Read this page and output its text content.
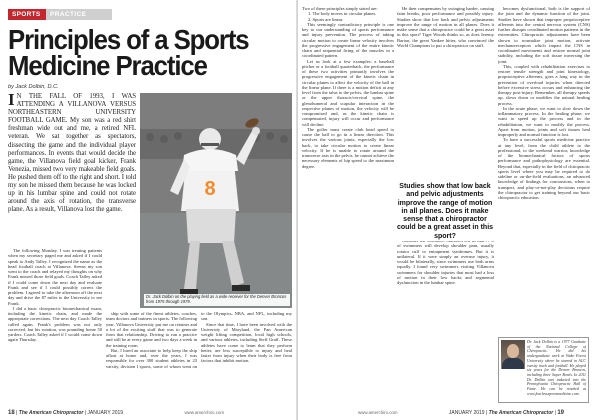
SPORTS	PRACTICE
Principles of a Sports Medicine Practice
by Jack Dolbin, D.C.
I N THE FALL OF 1993, I WAS ATTENDING A VILLANOVA VERSUS NORTHEASTERN UNIVERSITY FOOTBALL GAME. My son was a red shirt freshman wide out and me, a retired NFL veteran. We sat together as spectators, dissecting the game and the individual player performances. In events that would decide the game, the Villanova field goal kicker, Frank Venezia, missed two very makeable field goals. He pushed them off to the right and short. I told my son he missed them because he was locked up in his lumbar spine and could not rotate around the axis of rotation, the transverse plane. As a result, Villanova lost the game.
8
Dr. Jack Dolbin on the playing field as a wide receiver for the Denver Broncos from 1975 through 1979.

The following Monday, I was treating patients when my secretary paged me and asked if I could speak to Andy Talley. I recognized the name as the head football coach at Villanova. Seems my son went to the coach and relayed my thoughts on why Frank missed those field goals. Coach Talley asked if I could come down the next day and evaluate Frank and see if I could possibly correct the problem. I agreed to take the afternoon off the next day and drive the 87 miles to the University to see Frank.

I did a basic chiropractic biomechanical exam, including the kinetic chain, and made the appropriate corrections. The next day Coach Talley called again. Frank's problem was not only corrected, but his rotation, was pounding home 50 yarders. Coach Talley asked if I would come down again Thursday.

ship with some of the finest athletes, coaches, team doctors and trainers in sports. The following year, Villanova University put me on retainer and a lot of the exciting stuff that was to generate from that relationship. Driving to run a practice and still be at every game and two days a week in the training room.

But, I hired an associate to help keep the ship afloat at home and, over the years, I was responsible for over 300 student athletes in 23 varsity, division I sports, some of whom went on to the Olympics, NBA, and NFL, including my son.

Since that time, I have been involved with the University of Maryland, the Pan American weight lifting competition, local high schools, and various athletes, including Steff Graff. These athletes have come to learn that they perform better, are less susceptible to injury and heal faster from injury when their body is free from factors that inhibit motion.

18 | The American Chiropractor | JANUARY 2019	www.amerchiro.com

Two of these principles simply stated are:

1. The body moves in circular planes.
2. Sports are linear.

This seemingly contradictory principle is one key to our understanding of sports performance and injury prevention. The process of taking circular motion to create linear velocity involves the progressive engagement of the entire kinetic chain and sequential firing of the muscles in a coordinated pattern.

Let us look at a few examples: a baseball pitcher or a football quarterback, the performance of these two activities primarily involves the progressive engagement of the kinetic chain in circular planes to affect the velocity of the ball in the linear plane. If there is a motion deficit at any level from the talus to the pelvis, the lumbar spine or the upper thoracic/cervical spine, the glenohumeral and scapular interaction in the respective planes of motion, the velocity will be compromised and, as the kinetic chain is compensated, injury will occur and performance will decline.

The golfer must create club head speed to cause the ball to go in a linear direction. This involves the various joints, especially the low back, to take circular motion to create linear velocity. If he is unable to rotate around the transverse axis in the pelvis, he cannot achieve the necessary elements of hip speed to the maximum degree.

He then compensates by swinging harder, causing faint breaks, poor performance and possibly injury. Studies show that low back and pelvic adjustments improve the range of motion in all planes. Does it make sense that a chiropractor could be a great asset in this sport? Tiger Woods thinks so, as does Jeremy Barton, the great Yankee hitter, who convinced the World Champions to put a chiropractor on staff.

of swimmers will develop shoulder pain, usually rotator cuff or entrapment syndromes. But it is unilateral. If it were simply an overuse injury, it would be bilaterally, since swimmers use both arms equally. I found very swimmers visiting Villanova swimmers for shoulder injuries that most had a loss of motion in their low backs and segmental dysfunction in the lumbar spine.

becomes dysfunctional, both is the support of the joint and the dynamic function of the joint. Studies have shown that improper proprioceptive afferents into the central nervous system (CNS) further disrupts coordinated motion patterns in the extremities. Chiropractic adjustments have been shown to normalize joint motion, activate mechanoreceptors which impact the CNS in coordinated movements and restore normal joint stability, including the soft tissue traversing the joint.

This, coupled with rehabilitation exercises to restore tensile strength and joint kinesiology, proprioceptive afferents, goes a long way in the prevention of overload injuries when directed before excessive stress occurs and enhancing the therapy post-injury. Remember, all therapy speeds up, slows down or modifies the natural healing process.

In the acute phase, we want to slow down the inflammatory process. In the healing phase, we want to speed up the process and in the rehabilitation, we want to modify the process. Apart from motion, joints and soft tissues heal improperly and normal function is lost.

To have a successful sports medicine practice at any level, from the child athlete to the professional, to the weekend warrior, knowledge of the biomechanical factors of sports performance and pathophysiology are essential. Beyond that, especially in the field of chiropractic sports level where you may be required to do sideline or on-the-field evaluations, an advanced knowledge of findings for concussions, when to transport, and play-or-not-play decisions require the chiropractor to get training beyond our basic chiropractic education.

Studies show that low back and pelvic adjustments improve the range of motion in all planes. Does it make sense that a chiropractor could be a great asset in this sport?
Dr. Jack Dolbin is a 1977 Graduate of the National College of Chiropractic. He did his undergraduate work at Wake Forest University where he starred in ACC varsity track and football. He played six years for the Denver Broncos, including three Super Bowls. In 2011 Dr. Dolbin was inducted into the Pennsylvania Chiropractic Hall of Fame. He can be reached at www.fearlesssportsmedicine.com.
www.amerchiro.com	JANUARY 2019 | The American Chiropractor | 19
